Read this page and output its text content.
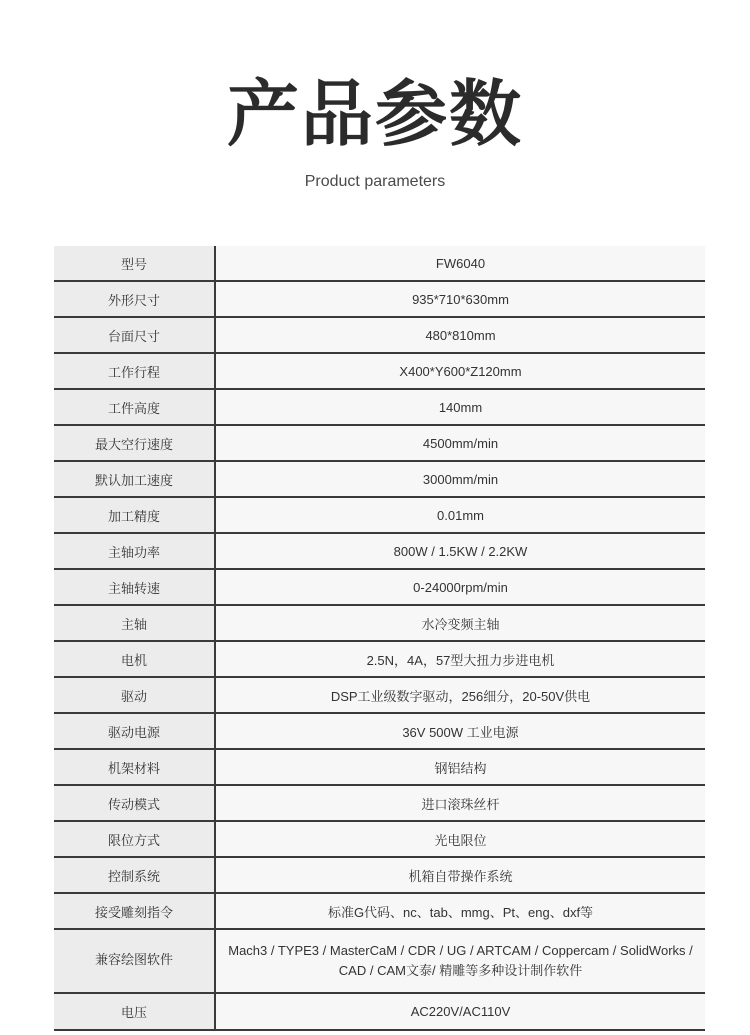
产品参数
Product parameters
型号	FW6040
外形尺寸	935*710*630mm
台面尺寸	480*810mm
工作行程	X400*Y600*Z120mm
工件高度	140mm
最大空行速度	4500mm/min
默认加工速度	3000mm/min
加工精度	0.01mm
主轴功率	800W / 1.5KW / 2.2KW
主轴转速	0-24000rpm/min
主轴	水冷变频主轴
电机	2.5N，4A，57型大扭力步进电机
驱动	DSP工业级数字驱动，256细分，20-50V供电
驱动电源	36V 500W 工业电源
机架材料	钢铝结构
传动模式	进口滚珠丝杆
限位方式	光电限位
控制系统	机箱自带操作系统
接受雕刻指令	标准G代码、nc、tab、mmg、Pt、eng、dxf等
兼容绘图软件	Mach3 / TYPE3 / MasterCaM / CDR / UG / ARTCAM / Coppercam / SolidWorks /
CAD / CAM文泰/ 精雕等多种设计制作软件

电压	AC220V/AC110V
